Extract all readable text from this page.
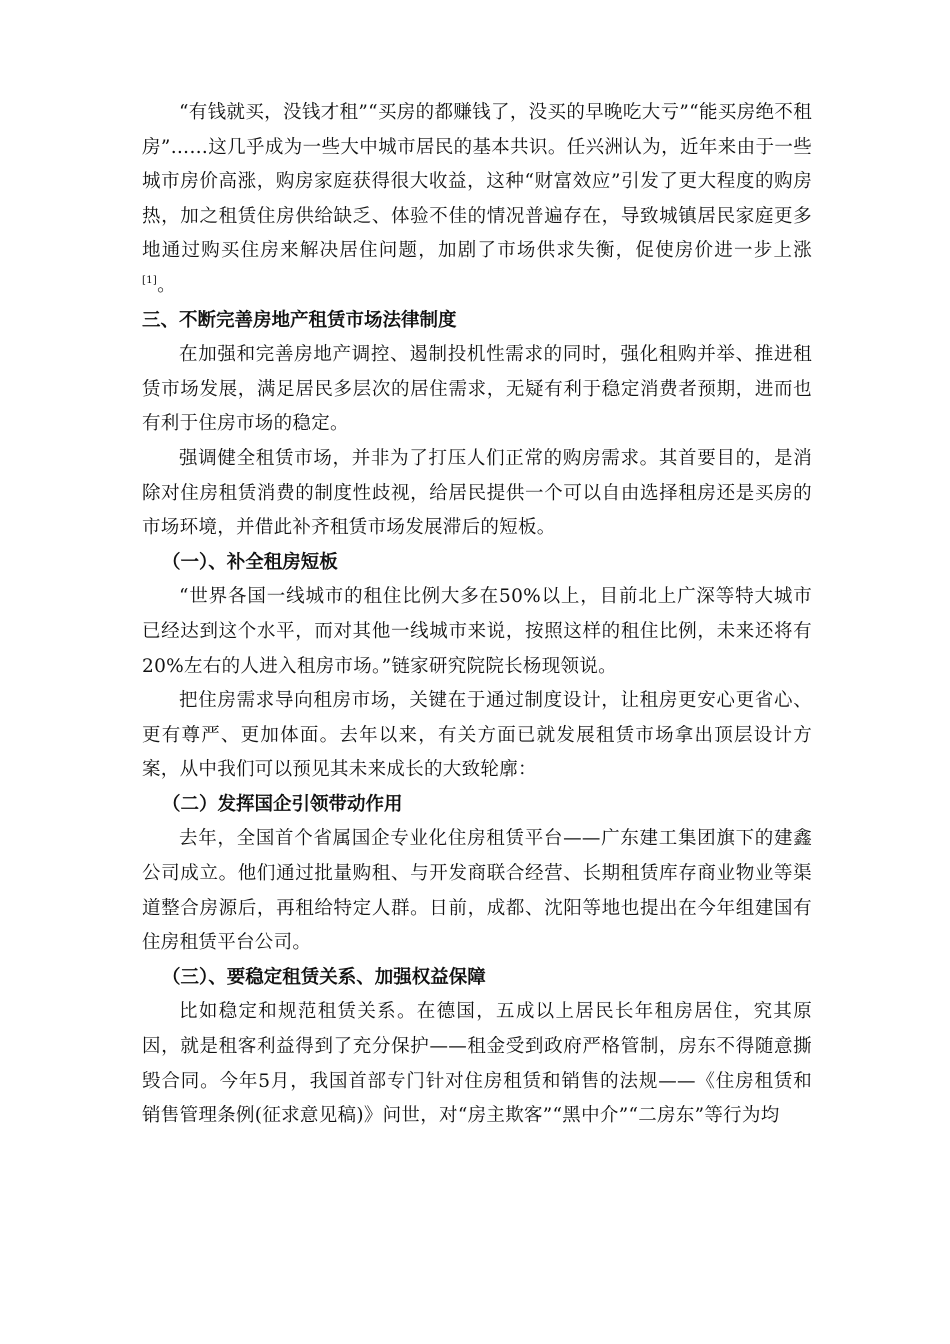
“有钱就买，没钱才租”“买房的都赚钱了，没买的早晚吃大亏”“能买房绝不租房”……这几乎成为一些大中城市居民的基本共识。任兴洲认为，近年来由于一些城市房价高涨，购房家庭获得很大收益，这种“财富效应”引发了更大程度的购房热，加之租赁住房供给缺乏、体验不佳的情况普遍存在，导致城镇居民家庭更多地通过购买住房来解决居住问题，加剧了市场供求失衡，促使房价进一步上涨[1]。

三、不断完善房地产租赁市场法律制度

在加强和完善房地产调控、遏制投机性需求的同时，强化租购并举、推进租赁市场发展，满足居民多层次的居住需求，无疑有利于稳定消费者预期，进而也有利于住房市场的稳定。

强调健全租赁市场，并非为了打压人们正常的购房需求。其首要目的，是消除对住房租赁消费的制度性歧视，给居民提供一个可以自由选择租房还是买房的市场环境，并借此补齐租赁市场发展滞后的短板。

（一）、补全租房短板

“世界各国一线城市的租住比例大多在50%以上，目前北上广深等特大城市已经达到这个水平，而对其他一线城市来说，按照这样的租住比例，未来还将有20%左右的人进入租房市场。”链家研究院院长杨现领说。

把住房需求导向租房市场，关键在于通过制度设计，让租房更安心更省心、更有尊严、更加体面。去年以来，有关方面已就发展租赁市场拿出顶层设计方案，从中我们可以预见其未来成长的大致轮廓：

（二）发挥国企引领带动作用

去年，全国首个省属国企专业化住房租赁平台——广东建工集团旗下的建鑫公司成立。他们通过批量购租、与开发商联合经营、长期租赁库存商业物业等渠道整合房源后，再租给特定人群。日前，成都、沈阳等地也提出在今年组建国有住房租赁平台公司。

（三）、要稳定租赁关系、加强权益保障

比如稳定和规范租赁关系。在德国，五成以上居民长年租房居住，究其原因，就是租客利益得到了充分保护——租金受到政府严格管制，房东不得随意撕毁合同。今年5月，我国首部专门针对住房租赁和销售的法规——《住房租赁和销售管理条例(征求意见稿)》问世，对“房主欺客”“黑中介”“二房东”等行为均
